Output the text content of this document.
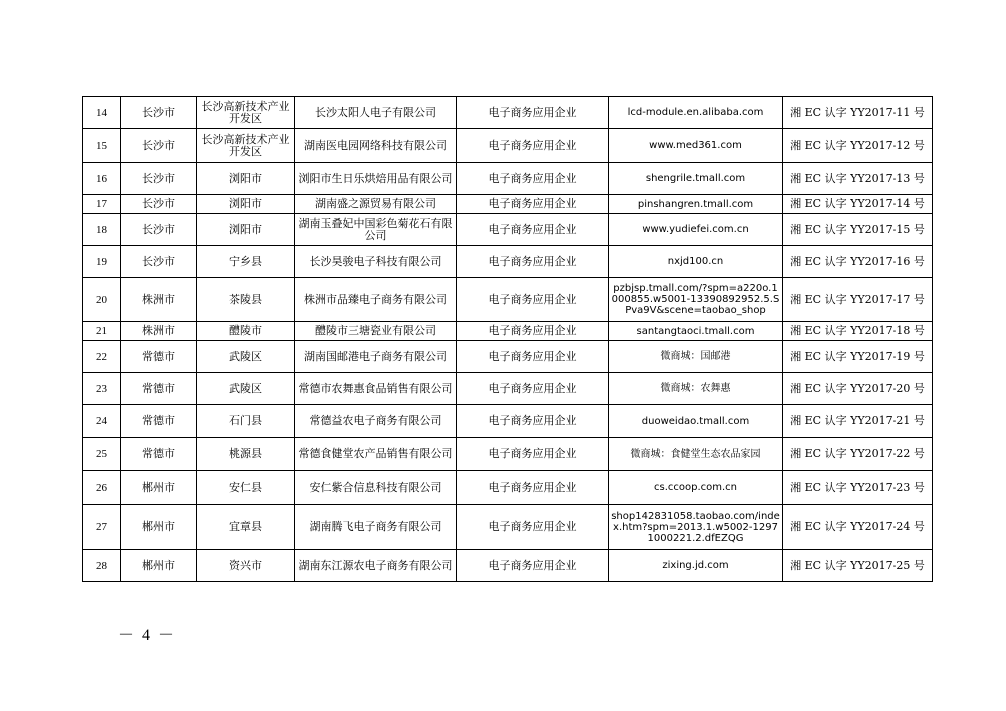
14	长沙市	长沙高新技术产业开发区	长沙太阳人电子有限公司	电子商务应用企业	lcd-module.en.alibaba.com	湘 EC 认字 YY2017-11 号
15	长沙市	长沙高新技术产业开发区	湖南医电园网络科技有限公司	电子商务应用企业	www.med361.com	湘 EC 认字 YY2017-12 号
16	长沙市	浏阳市	浏阳市生日乐烘焙用品有限公司	电子商务应用企业	shengrile.tmall.com	湘 EC 认字 YY2017-13 号
17	长沙市	浏阳市	湖南盛之源贸易有限公司	电子商务应用企业	pinshangren.tmall.com	湘 EC 认字 YY2017-14 号
18	长沙市	浏阳市	湖南玉叠妃中国彩色菊花石有限公司	电子商务应用企业	www.yudiefei.com.cn	湘 EC 认字 YY2017-15 号
19	长沙市	宁乡县	长沙昊骏电子科技有限公司	电子商务应用企业	nxjd100.cn	湘 EC 认字 YY2017-16 号
20	株洲市	茶陵县	株洲市品臻电子商务有限公司	电子商务应用企业	pzbjsp.tmall.com/?spm=a220o.1000855.w5001-13390892952.5.SPva9V&scene=taobao_shop	湘 EC 认字 YY2017-17 号
21	株洲市	醴陵市	醴陵市三塘瓷业有限公司	电子商务应用企业	santangtaoci.tmall.com	湘 EC 认字 YY2017-18 号
22	常德市	武陵区	湖南国邮港电子商务有限公司	电子商务应用企业	微商城：国邮港	湘 EC 认字 YY2017-19 号
23	常德市	武陵区	常德市农舞惠食品销售有限公司	电子商务应用企业	微商城：农舞惠	湘 EC 认字 YY2017-20 号
24	常德市	石门县	常德益农电子商务有限公司	电子商务应用企业	duoweidao.tmall.com	湘 EC 认字 YY2017-21 号
25	常德市	桃源县	常德食健堂农产品销售有限公司	电子商务应用企业	微商城：食健堂生态农品家园	湘 EC 认字 YY2017-22 号
26	郴州市	安仁县	安仁紫合信息科技有限公司	电子商务应用企业	cs.ccoop.com.cn	湘 EC 认字 YY2017-23 号
27	郴州市	宜章县	湖南腾飞电子商务有限公司	电子商务应用企业	shop142831058.taobao.com/index.htm?spm=2013.1.w5002-12971000221.2.dfEZQG	湘 EC 认字 YY2017-24 号
28	郴州市	资兴市	湖南东江源农电子商务有限公司	电子商务应用企业	zixing.jd.com	湘 EC 认字 YY2017-25 号
－ 4 －
